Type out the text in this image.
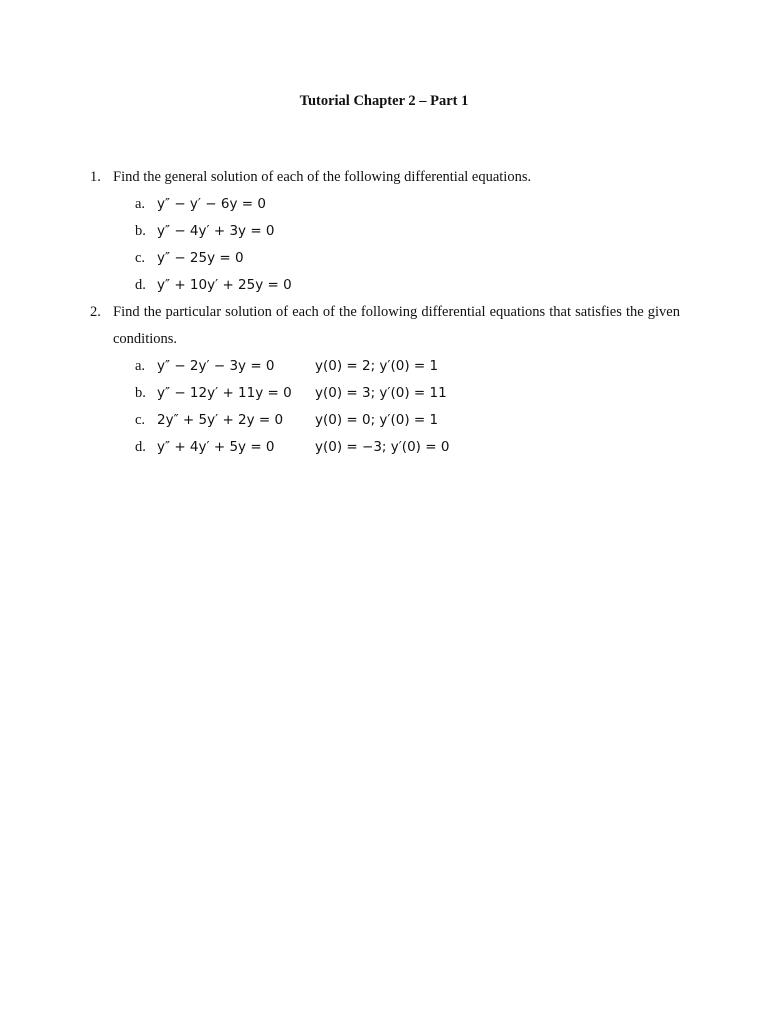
Tutorial Chapter 2 – Part 1
1. Find the general solution of each of the following differential equations.
a. y″ − y′ − 6y = 0
b. y″ − 4y′ + 3y = 0
c. y″ − 25y = 0
d. y″ + 10y′ + 25y = 0
2. Find the particular solution of each of the following differential equations that satisfies the given conditions.
a. y″ − 2y′ − 3y = 0	y(0) = 2; y′(0) = 1
b. y″ − 12y′ + 11y = 0 y(0) = 3; y′(0) = 11
c. 2y″ + 5y′ + 2y = 0 y(0) = 0; y′(0) = 1
d. y″ + 4y′ + 5y = 0	y(0) = −3; y′(0) = 0
